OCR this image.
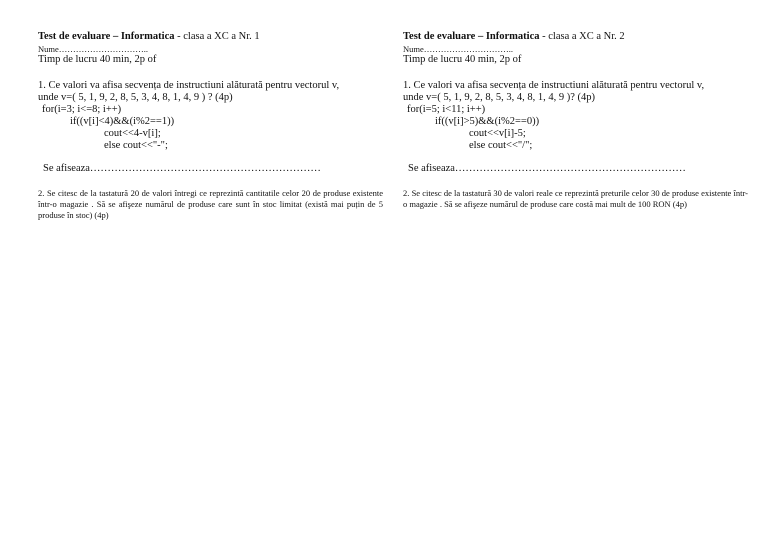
Test de evaluare – Informatica - clasa a XC a Nr. 1
Nume…………………………..
Timp de lucru 40 min, 2p of

1. Ce valori va afisa secvența de instructiuni alăturată pentru vectorul v,

unde v=( 5, 1, 9, 2, 8, 5, 3, 4, 8, 1, 4, 9 ) ? (4p)

for(i=3; i<=8; i++)
if((v[i]<4)&&(i%2==1))
cout<<4-v[i];
else cout<<"-";
Se afiseaza…………………………………………………………
2. Se citesc de la tastatură 20 de valori întregi ce reprezintă cantitatile celor 20 de produse existente într-o magazie . Să se afişeze numărul de produse care sunt în stoc limitat (există mai puțin de 5 produse în stoc) (4p)
Test de evaluare – Informatica - clasa a XC a Nr. 2
Nume…………………………..
Timp de lucru 40 min, 2p of

1. Ce valori va afisa secvența de instructiuni alăturată pentru vectorul v,

unde v=( 5, 1, 9, 2, 8, 5, 3, 4, 8, 1, 4, 9 )? (4p)

for(i=5; i<11; i++)
if((v[i]>5)&&(i%2==0))
cout<<v[i]-5;
else cout<<"/";
Se afiseaza…………………………………………………………
2. Se citesc de la tastatură 30 de valori reale ce reprezintă preturile celor 30 de produse existente într-o magazie . Să se afişeze numărul de produse care costă mai mult de 100 RON (4p)
